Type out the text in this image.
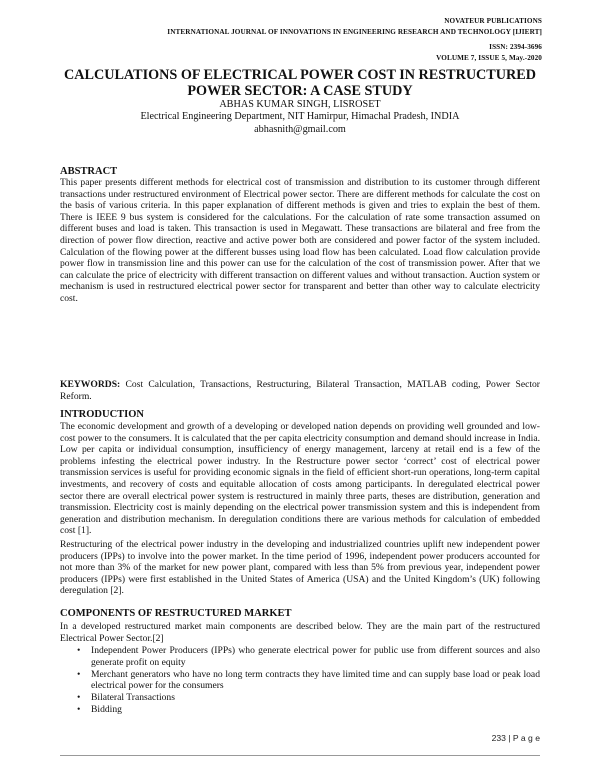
NOVATEUR PUBLICATIONS
INTERNATIONAL JOURNAL OF INNOVATIONS IN ENGINEERING RESEARCH AND TECHNOLOGY [IJIERT]
ISSN: 2394-3696
VOLUME 7, ISSUE 5, May.-2020
CALCULATIONS OF ELECTRICAL POWER COST IN RESTRUCTURED POWER SECTOR: A CASE STUDY
ABHAS KUMAR SINGH, LISROSET
Electrical Engineering Department, NIT Hamirpur, Himachal Pradesh, INDIA
abhasnith@gmail.com
ABSTRACT

This paper presents different methods for electrical cost of transmission and distribution to its customer through different transactions under restructured environment of Electrical power sector. There are different methods for calculate the cost on the basis of various criteria. In this paper explanation of different methods is given and tries to explain the best of them. There is IEEE 9 bus system is considered for the calculations. For the calculation of rate some transaction assumed on different buses and load is taken. This transaction is used in Megawatt. These transactions are bilateral and free from the direction of power flow direction, reactive and active power both are considered and power factor of the system included. Calculation of the flowing power at the different busses using load flow has been calculated. Load flow calculation provide power flow in transmission line and this power can use for the calculation of the cost of transmission power. After that we can calculate the price of electricity with different transaction on different values and without transaction. Auction system or mechanism is used in restructured electrical power sector for transparent and better than other way to calculate electricity cost.

KEYWORDS: Cost Calculation, Transactions, Restructuring, Bilateral Transaction, MATLAB coding, Power Sector Reform.

INTRODUCTION

The economic development and growth of a developing or developed nation depends on providing well grounded and low-cost power to the consumers. It is calculated that the per capita electricity consumption and demand should increase in India. Low per capita or individual consumption, insufficiency of energy management, larceny at retail end is a few of the problems infesting the electrical power industry. In the Restructure power sector ‘correct’ cost of electrical power transmission services is useful for providing economic signals in the field of efficient short-run operations, long-term capital investments, and recovery of costs and equitable allocation of costs among participants. In deregulated electrical power sector there are overall electrical power system is restructured in mainly three parts, theses are distribution, generation and transmission. Electricity cost is mainly depending on the electrical power transmission system and this is independent from generation and distribution mechanism. In deregulation conditions there are various methods for calculation of embedded cost [1].

Restructuring of the electrical power industry in the developing and industrialized countries uplift new independent power producers (IPPs) to involve into the power market. In the time period of 1996, independent power producers accounted for not more than 3% of the market for new power plant, compared with less than 5% from previous year, independent power producers (IPPs) were first established in the United States of America (USA) and the United Kingdom’s (UK) following deregulation [2].

COMPONENTS OF RESTRUCTURED MARKET

In a developed restructured market main components are described below. They are the main part of the restructured Electrical Power Sector.[2]

• Independent Power Producers (IPPs) who generate electrical power for public use from different sources and also generate profit on equity
• Merchant generators who have no long term contracts they have limited time and can supply base load or peak load electrical power for the consumers
• Bilateral Transactions
• Bidding
233 | P a g e
